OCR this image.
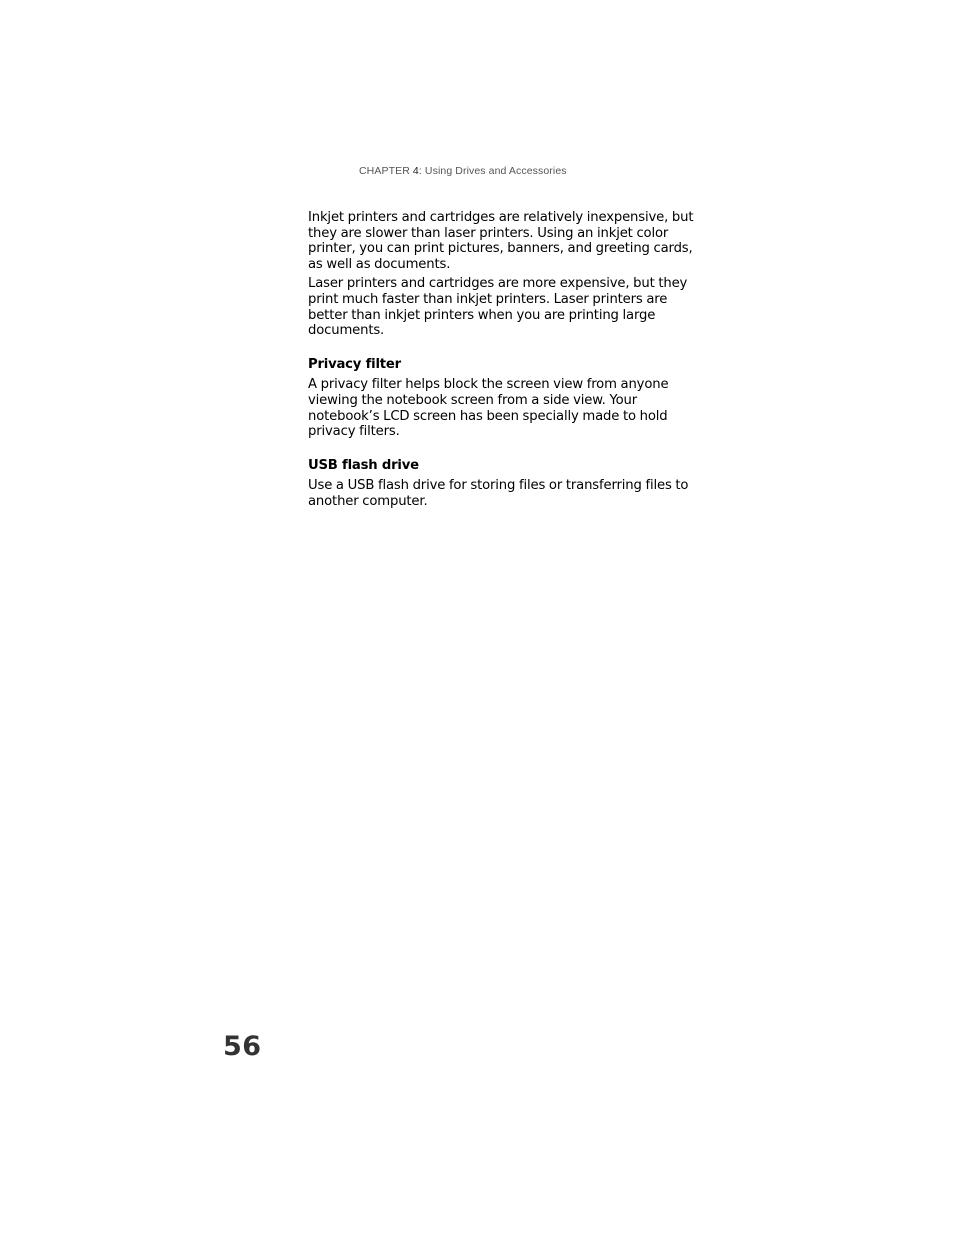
CHAPTER 4: Using Drives and Accessories

Inkjet printers and cartridges are relatively inexpensive, but they are slower than laser printers. Using an inkjet color printer, you can print pictures, banners, and greeting cards, as well as documents.

Laser printers and cartridges are more expensive, but they print much faster than inkjet printers. Laser printers are better than inkjet printers when you are printing large documents.

Privacy filter

A privacy filter helps block the screen view from anyone viewing the notebook screen from a side view. Your notebook’s LCD screen has been specially made to hold privacy filters.

USB flash drive

Use a USB flash drive for storing files or transferring files to another computer.

56
